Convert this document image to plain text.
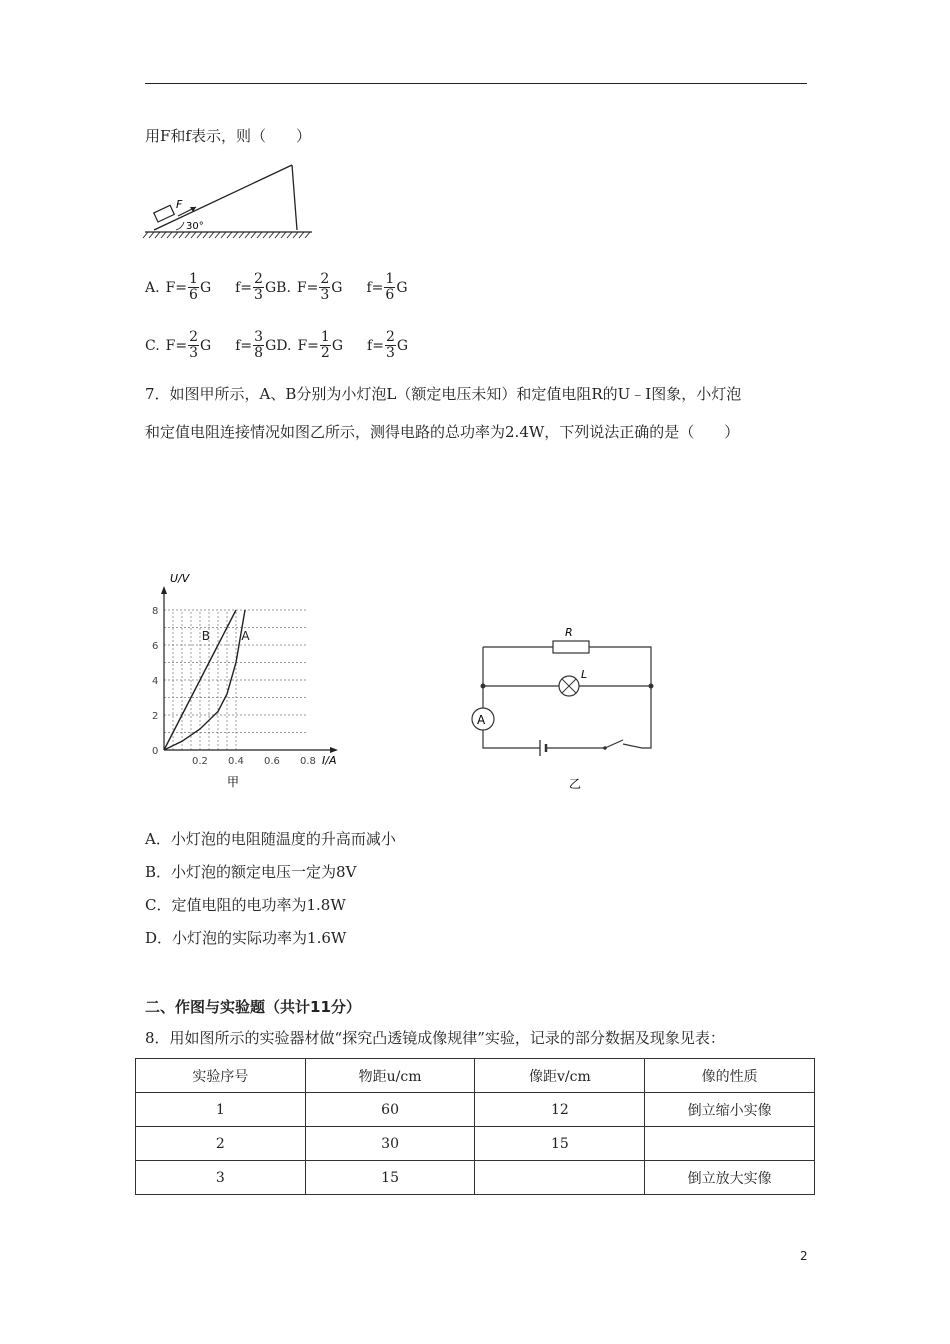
用F和f表示，则（　　）
F
30°
A. $F= \frac{1}{6}$ G $f= \frac{2}{3}$ G B. $F= \frac{2}{3}$ G $f= \frac{1}{6}$ G
C. $F= \frac{2}{3}$ G $f= \frac{3}{8}$ G D. $F= \frac{1}{2}$ G $f= \frac{2}{3}$ G
7．如图甲所示，A、B分别为小灯泡L（额定电压未知）和定值电阻R的U﹣I图象，小灯泡
和定值电阻连接情况如图乙所示，测得电路的总功率为2.4W，下列说法正确的是（　　）
0.2 0.4 0.6 0.8
0
2
4
6
8
B	A
U/V
I/A
甲
R
L
A
乙
A．小灯泡的电阻随温度的升高而减小
B．小灯泡的额定电压一定为8V
C．定值电阻的电功率为1.8W
D．小灯泡的实际功率为1.6W
二、作图与实验题（共计11分）
8．用如图所示的实验器材做“探究凸透镜成像规律”实验，记录的部分数据及现象见表：
实验序号	物距u/cm	像距v/cm	像的性质
1	60	12	倒立缩小实像
2	30	15	
3	15		倒立放大实像
2
